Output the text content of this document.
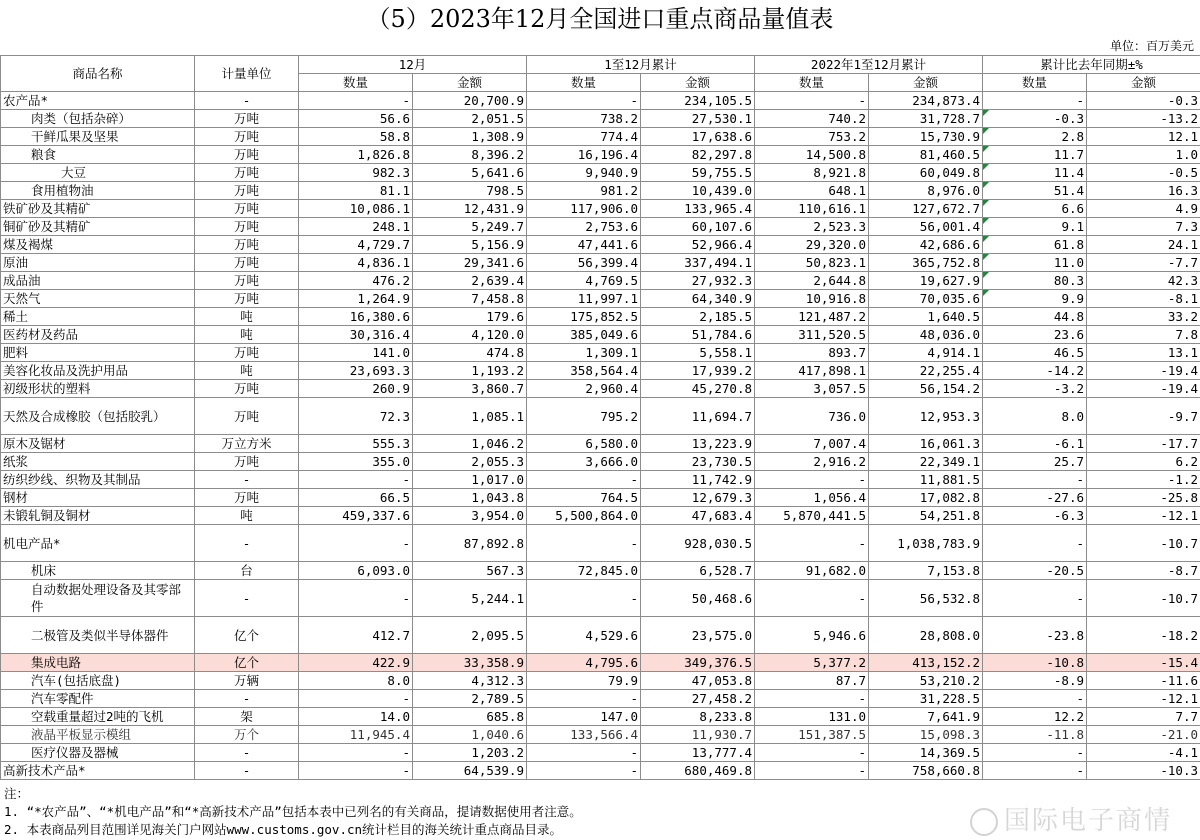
（5）2023年12月全国进口重点商品量值表
单位：百万美元
商品名称	计量单位	12月		1至12月累计		2022年1至12月累计		累计比去年同期±%	
		数量	金额	数量	金额	数量	金额	数量	金额
农产品*	-	-	20,700.9	-	234,105.5	-	234,873.4	-	-0.3
肉类（包括杂碎）	万吨	56.6	2,051.5	738.2	27,530.1	740.2	31,728.7	-0.3	-13.2
干鲜瓜果及坚果	万吨	58.8	1,308.9	774.4	17,638.6	753.2	15,730.9	2.8	12.1
粮食	万吨	1,826.8	8,396.2	16,196.4	82,297.8	14,500.8	81,460.5	11.7	1.0
大豆	万吨	982.3	5,641.6	9,940.9	59,755.5	8,921.8	60,049.8	11.4	-0.5
食用植物油	万吨	81.1	798.5	981.2	10,439.0	648.1	8,976.0	51.4	16.3
铁矿砂及其精矿	万吨	10,086.1	12,431.9	117,906.0	133,965.4	110,616.1	127,672.7	6.6	4.9
铜矿砂及其精矿	万吨	248.1	5,249.7	2,753.6	60,107.6	2,523.3	56,001.4	9.1	7.3
煤及褐煤	万吨	4,729.7	5,156.9	47,441.6	52,966.4	29,320.0	42,686.6	61.8	24.1
原油	万吨	4,836.1	29,341.6	56,399.4	337,494.1	50,823.1	365,752.8	11.0	-7.7
成品油	万吨	476.2	2,639.4	4,769.5	27,932.3	2,644.8	19,627.9	80.3	42.3
天然气	万吨	1,264.9	7,458.8	11,997.1	64,340.9	10,916.8	70,035.6	9.9	-8.1
稀土	吨	16,380.6	179.6	175,852.5	2,185.5	121,487.2	1,640.5	44.8	33.2
医药材及药品	吨	30,316.4	4,120.0	385,049.6	51,784.6	311,520.5	48,036.0	23.6	7.8
肥料	万吨	141.0	474.8	1,309.1	5,558.1	893.7	4,914.1	46.5	13.1
美容化妆品及洗护用品	吨	23,693.3	1,193.2	358,564.4	17,939.2	417,898.1	22,255.4	-14.2	-19.4
初级形状的塑料	万吨	260.9	3,860.7	2,960.4	45,270.8	3,057.5	56,154.2	-3.2	-19.4
天然及合成橡胶（包括胶乳）	万吨	72.3	1,085.1	795.2	11,694.7	736.0	12,953.3	8.0	-9.7
原木及锯材	万立方米	555.3	1,046.2	6,580.0	13,223.9	7,007.4	16,061.3	-6.1	-17.7
纸浆	万吨	355.0	2,055.3	3,666.0	23,730.5	2,916.2	22,349.1	25.7	6.2
纺织纱线、织物及其制品	-	-	1,017.0	-	11,742.9	-	11,881.5	-	-1.2
钢材	万吨	66.5	1,043.8	764.5	12,679.3	1,056.4	17,082.8	-27.6	-25.8
未锻轧铜及铜材	吨	459,337.6	3,954.0	5,500,864.0	47,683.4	5,870,441.5	54,251.8	-6.3	-12.1
机电产品*	-	-	87,892.8	-	928,030.5	-	1,038,783.9	-	-10.7
机床	台	6,093.0	567.3	72,845.0	6,528.7	91,682.0	7,153.8	-20.5	-8.7
自动数据处理设备及其零部件	-	-	5,244.1	-	50,468.6	-	56,532.8	-	-10.7
二极管及类似半导体器件	亿个	412.7	2,095.5	4,529.6	23,575.0	5,946.6	28,808.0	-23.8	-18.2
集成电路	亿个	422.9	33,358.9	4,795.6	349,376.5	5,377.2	413,152.2	-10.8	-15.4
汽车(包括底盘)	万辆	8.0	4,312.3	79.9	47,053.8	87.7	53,210.2	-8.9	-11.6
汽车零配件	-	-	2,789.5	-	27,458.2	-	31,228.5	-	-12.1
空载重量超过2吨的飞机	架	14.0	685.8	147.0	8,233.8	131.0	7,641.9	12.2	7.7
液晶平板显示模组	万个	11,945.4	1,040.6	133,566.4	11,930.7	151,387.5	15,098.3	-11.8	-21.0
医疗仪器及器械	-	-	1,203.2	-	13,777.4	-	14,369.5	-	-4.1
高新技术产品*	-	-	64,539.9	-	680,469.8	-	758,660.8	-	-10.3
注：
1. “*农产品”、“*机电产品”和“*高新技术产品”包括本表中已列名的有关商品，提请数据使用者注意。
2. 本表商品列目范围详见海关门户网站www.customs.gov.cn统计栏目的海关统计重点商品目录。	国际电子商情
